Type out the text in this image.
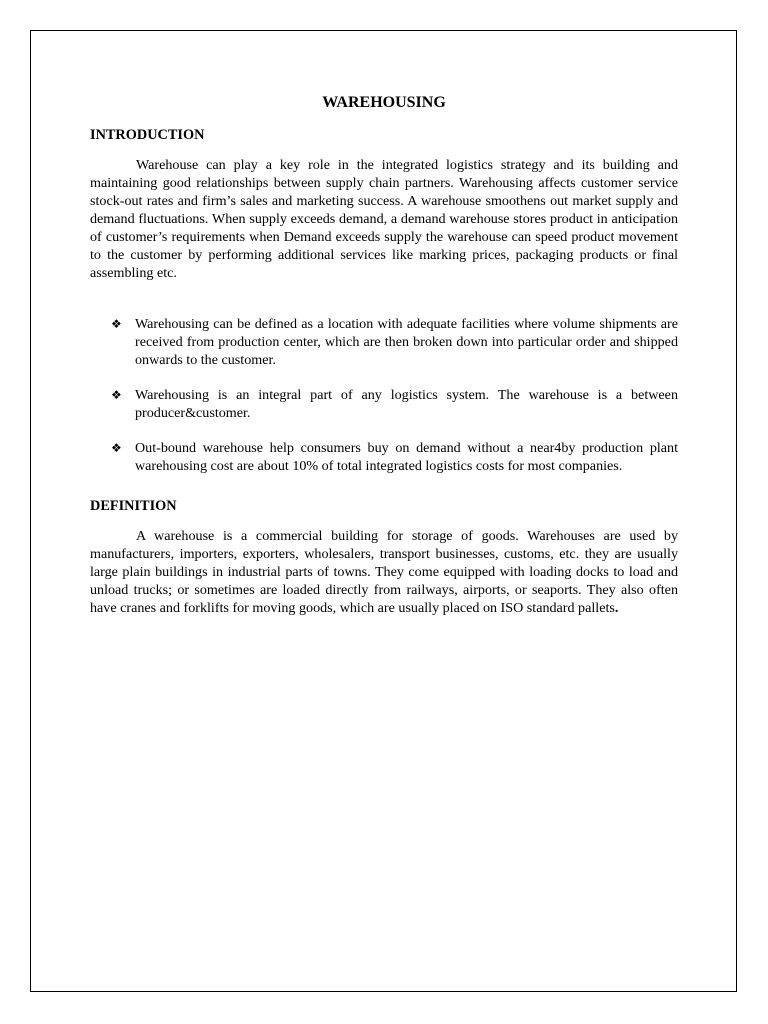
WAREHOUSING
INTRODUCTION

Warehouse can play a key role in the integrated logistics strategy and its building and maintaining good relationships between supply chain partners. Warehousing affects customer service stock-out rates and firm’s sales and marketing success. A warehouse smoothens out market supply and demand fluctuations. When supply exceeds demand, a demand warehouse stores product in anticipation of customer’s requirements when Demand exceeds supply the warehouse can speed product movement to the customer by performing additional services like marking prices, packaging products or final assembling etc.

❖ Warehousing can be defined as a location with adequate facilities where volume shipments are received from production center, which are then broken down into particular order and shipped onwards to the customer.
❖ Warehousing is an integral part of any logistics system. The warehouse is a between producer&customer.
❖ Out-bound warehouse help consumers buy on demand without a near4by production plant warehousing cost are about 10% of total integrated logistics costs for most companies.
DEFINITION

A warehouse is a commercial building for storage of goods. Warehouses are used by manufacturers, importers, exporters, wholesalers, transport businesses, customs, etc. they are usually large plain buildings in industrial parts of towns. They come equipped with loading docks to load and unload trucks; or sometimes are loaded directly from railways, airports, or seaports. They also often have cranes and forklifts for moving goods, which are usually placed on ISO standard pallets.
